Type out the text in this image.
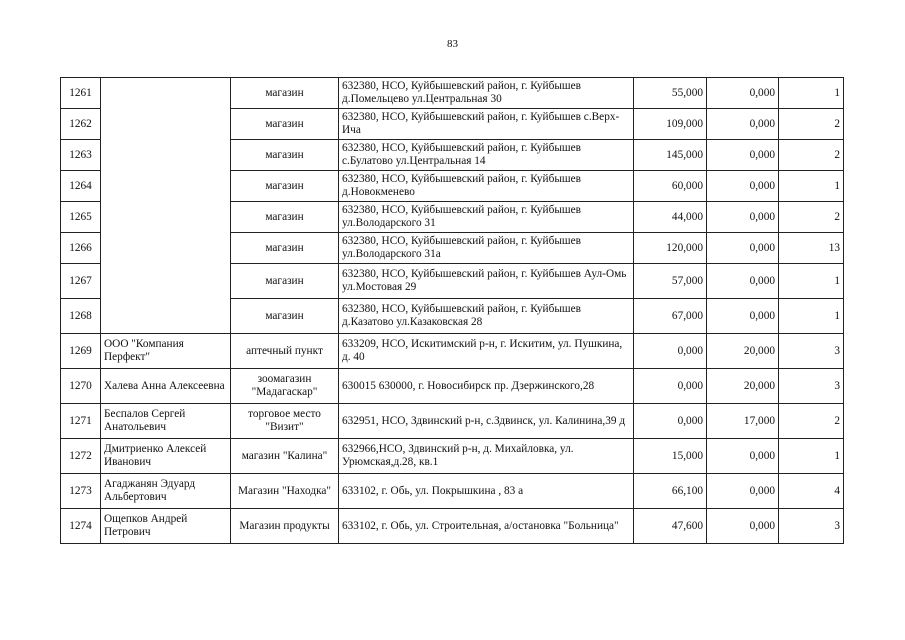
83
1261		магазин	632380, НСО, Куйбышевский район, г. Куйбышев д.Помельцево ул.Центральная 30	55,000	0,000	1
1262		магазин	632380, НСО, Куйбышевский район, г. Куйбышев с.Верх-Ича	109,000	0,000	2
1263		магазин	632380, НСО, Куйбышевский район, г. Куйбышев с.Булатово ул.Центральная 14	145,000	0,000	2
1264		магазин	632380, НСО, Куйбышевский район, г. Куйбышев д.Новокменево	60,000	0,000	1
1265		магазин	632380, НСО, Куйбышевский район, г. Куйбышев ул.Володарского 31	44,000	0,000	2
1266		магазин	632380, НСО, Куйбышевский район, г. Куйбышев ул.Володарского 31а	120,000	0,000	13
1267		магазин	632380, НСО, Куйбышевский район, г. Куйбышев Аул-Омь ул.Мостовая 29	57,000	0,000	1
1268		магазин	632380, НСО, Куйбышевский район, г. Куйбышев д.Казатово ул.Казаковская 28	67,000	0,000	1
1269	ООО "Компания Перфект"	аптечный пункт	633209, НСО, Искитимский р-н, г. Искитим, ул. Пушкина, д. 40	0,000	20,000	3
1270	Халева Анна Алексеевна	зоомагазин "Мадагаскар"	630015 630000, г. Новосибирск пр. Дзержинского,28	0,000	20,000	3
1271	Беспалов Сергей Анатольевич	торговое место "Визит"	632951, НСО, Здвинский р-н, с.Здвинск, ул. Калинина,39 д	0,000	17,000	2
1272	Дмитриенко Алексей Иванович	магазин "Калина"	632966,НСО, Здвинский р-н, д. Михайловка, ул. Урюмская,д.28, кв.1	15,000	0,000	1
1273	Агаджанян Эдуард Альбертович	Магазин "Находка"	633102, г. Обь, ул. Покрышкина , 83 а	66,100	0,000	4
1274	Ощепков Андрей Петрович	Магазин продукты	633102, г. Обь, ул. Строительная, а/остановка "Больница"	47,600	0,000	3
